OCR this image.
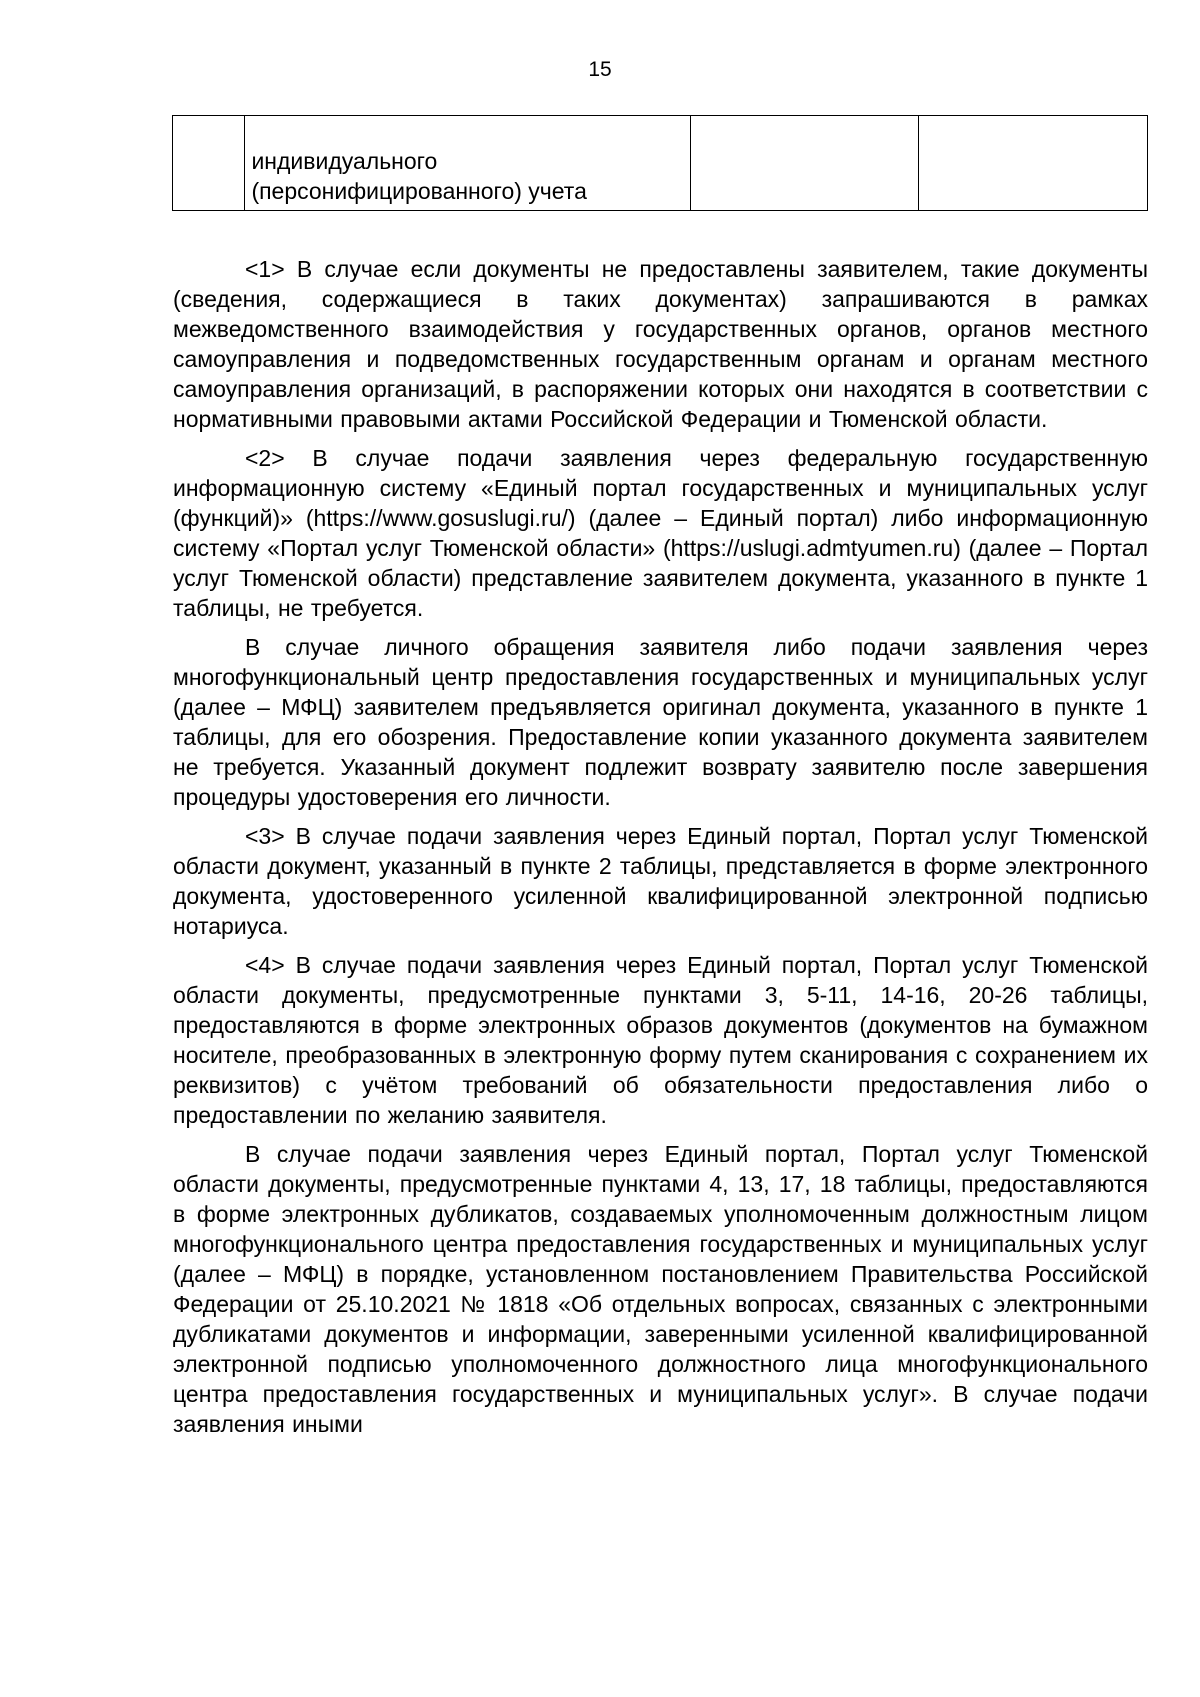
15

индивидуального
(персонифицированного) учета

<1> В случае если документы не предоставлены заявителем, такие документы (сведения, содержащиеся в таких документах) запрашиваются в рамках межведомственного взаимодействия у государственных органов, органов местного самоуправления и подведомственных государственным органам и органам местного самоуправления организаций, в распоряжении которых они находятся в соответствии с нормативными правовыми актами Российской Федерации и Тюменской области.

<2> В случае подачи заявления через федеральную государственную информационную систему «Единый портал государственных и муниципальных услуг (функций)» (https://www.gosuslugi.ru/) (далее – Единый портал) либо информационную систему «Портал услуг Тюменской области» (https://uslugi.admtyumen.ru) (далее – Портал услуг Тюменской области) представление заявителем документа, указанного в пункте 1 таблицы, не требуется.

В случае личного обращения заявителя либо подачи заявления через многофункциональный центр предоставления государственных и муниципальных услуг (далее – МФЦ) заявителем предъявляется оригинал документа, указанного в пункте 1 таблицы, для его обозрения. Предоставление копии указанного документа заявителем не требуется. Указанный документ подлежит возврату заявителю после завершения процедуры удостоверения его личности.

<3> В случае подачи заявления через Единый портал, Портал услуг Тюменской области документ, указанный в пункте 2 таблицы, представляется в форме электронного документа, удостоверенного усиленной квалифицированной электронной подписью нотариуса.

<4> В случае подачи заявления через Единый портал, Портал услуг Тюменской области документы, предусмотренные пунктами 3, 5-11, 14-16, 20-26 таблицы, предоставляются в форме электронных образов документов (документов на бумажном носителе, преобразованных в электронную форму путем сканирования с сохранением их реквизитов) с учётом требований об обязательности предоставления либо о предоставлении по желанию заявителя.

В случае подачи заявления через Единый портал, Портал услуг Тюменской области документы, предусмотренные пунктами 4, 13, 17, 18 таблицы, предоставляются в форме электронных дубликатов, создаваемых уполномоченным должностным лицом многофункционального центра предоставления государственных и муниципальных услуг (далее – МФЦ) в порядке, установленном постановлением Правительства Российской Федерации от 25.10.2021 № 1818 «Об отдельных вопросах, связанных с электронными дубликатами документов и информации, заверенными усиленной квалифицированной электронной подписью уполномоченного должностного лица многофункционального центра предоставления государственных и муниципальных услуг». В случае подачи заявления иными
